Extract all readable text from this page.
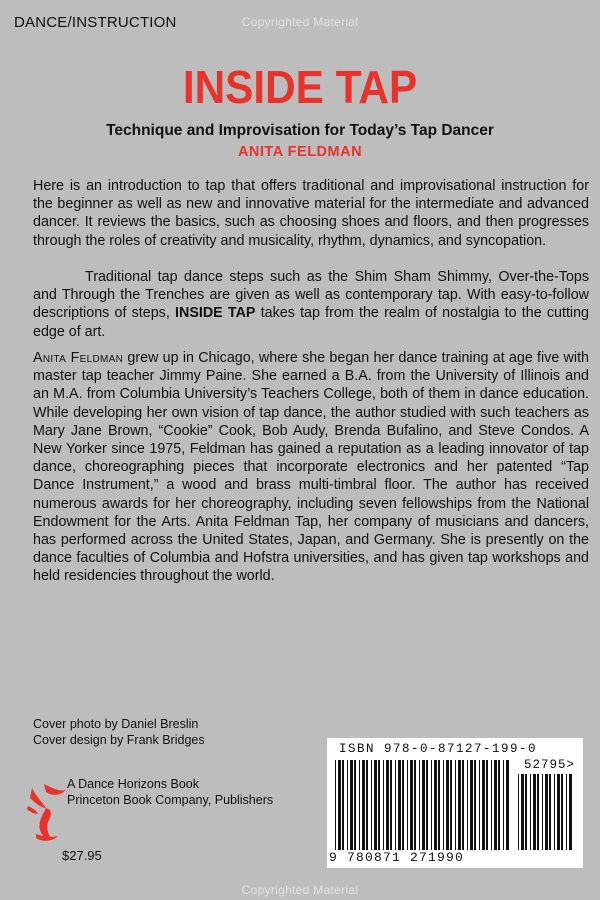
DANCE/INSTRUCTION	Copyrighted Material
INSIDE TAP
Technique and Improvisation for Today’s Tap Dancer
ANITA FELDMAN
Here is an introduction to tap that offers traditional and improvisational instruction for the beginner as well as new and innovative material for the intermediate and advanced dancer. It reviews the basics, such as choosing shoes and floors, and then progresses through the roles of creativity and musicality, rhythm, dynamics, and syncopation.
Traditional tap dance steps such as the Shim Sham Shimmy, Over-the-Tops and Through the Trenches are given as well as contemporary tap. With easy-to-follow descriptions of steps, INSIDE TAP takes tap from the realm of nostalgia to the cutting edge of art.
Anita Feldman grew up in Chicago, where she began her dance training at age five with master tap teacher Jimmy Paine. She earned a B.A. from the University of Illinois and an M.A. from Columbia University’s Teachers College, both of them in dance education. While developing her own vision of tap dance, the author studied with such teachers as Mary Jane Brown, “Cookie” Cook, Bob Audy, Brenda Bufalino, and Steve Condos. A New Yorker since 1975, Feldman has gained a reputation as a leading innovator of tap dance, choreographing pieces that incorporate electronics and her patented “Tap Dance Instrument,” a wood and brass multi-timbral floor. The author has received numerous awards for her choreography, including seven fellowships from the National Endowment for the Arts. Anita Feldman Tap, her company of musicians and dancers, has performed across the United States, Japan, and Germany. She is presently on the dance faculties of Columbia and Hofstra universities, and has given tap workshops and held residencies throughout the world.
Cover photo by Daniel Breslin
Cover design by Frank Bridges
A Dance Horizons Book
Princeton Book Company, Publishers
$27.95
ISBN 978-0-87127-199-0
52795>
9 780871 271990
Copyrighted Material
